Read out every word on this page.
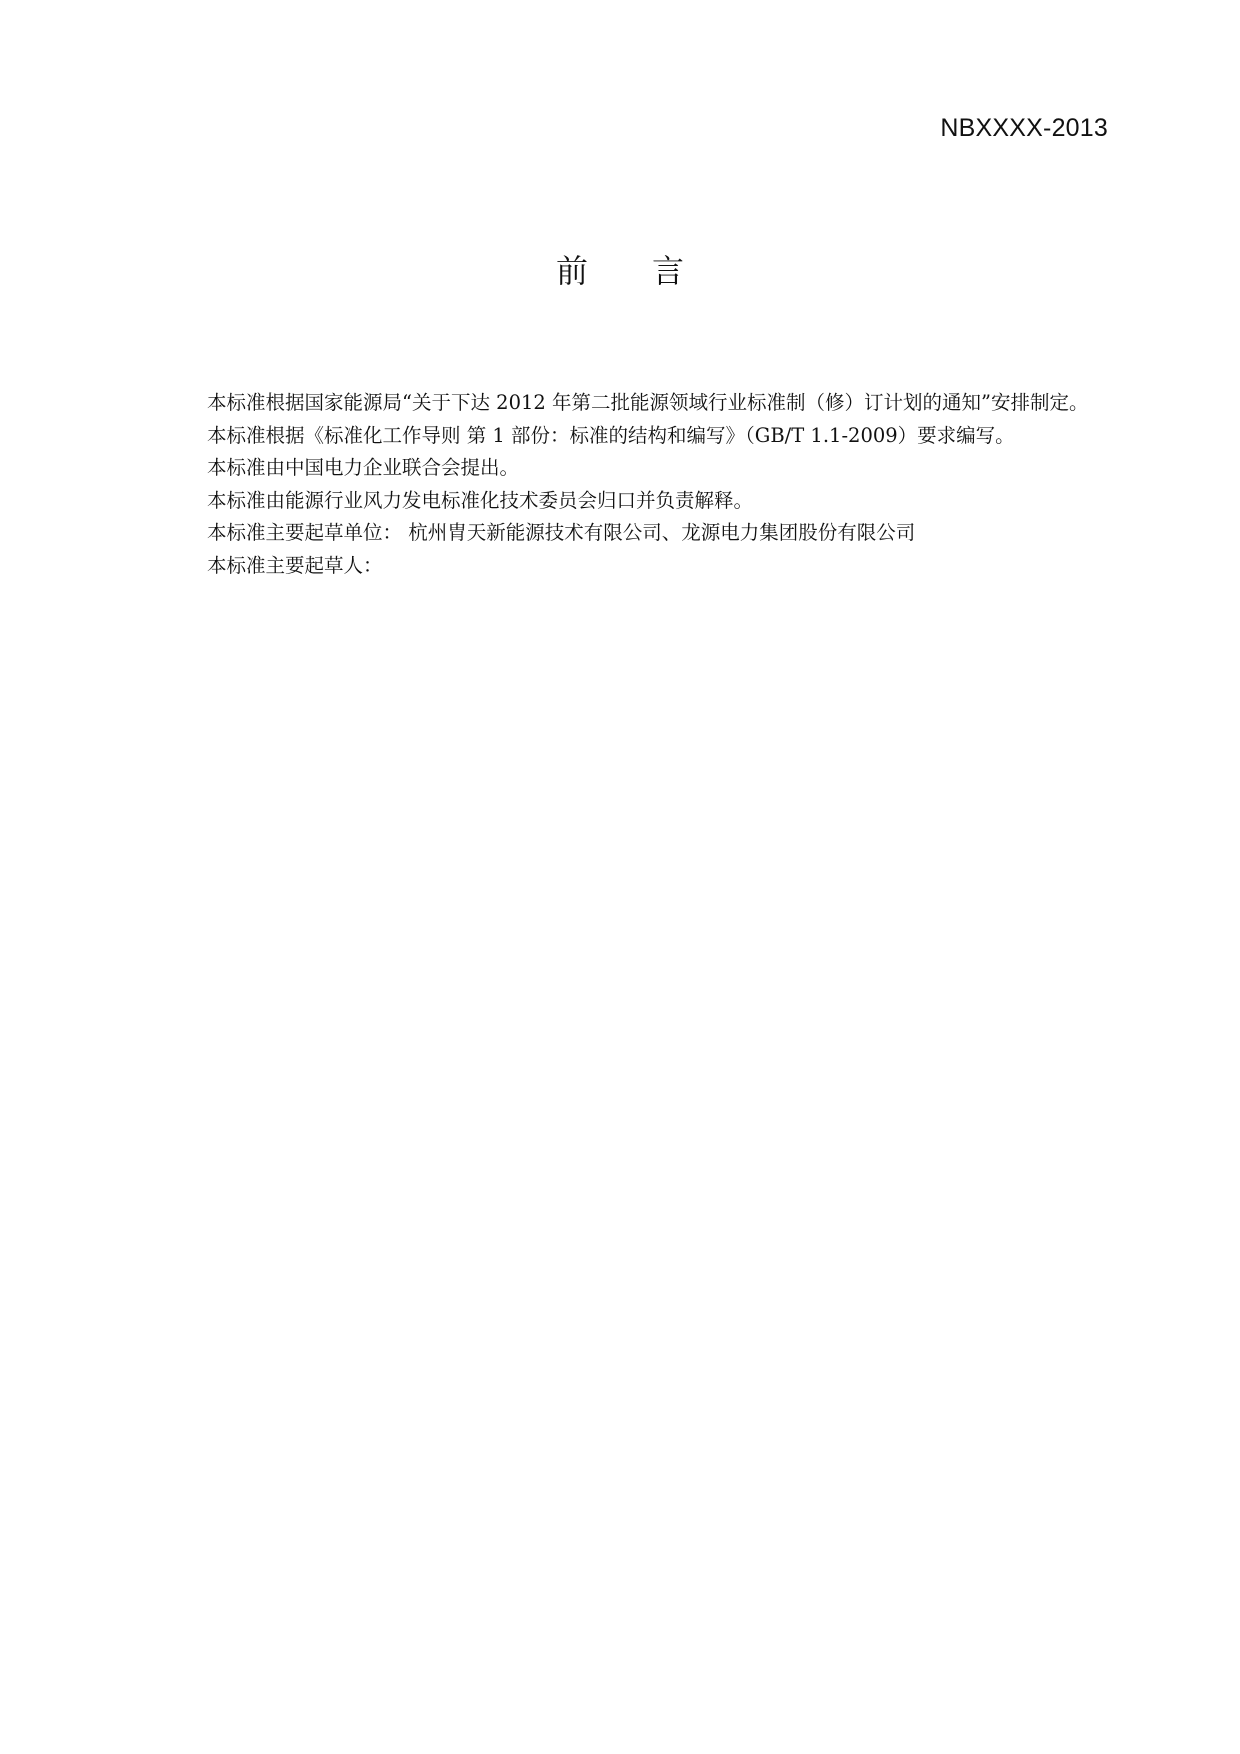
NBXXXX-2013
前 言

本标准根据国家能源局“关于下达 2012 年第二批能源领域行业标准制（修）订计划的通知”安排制定。

本标准根据《标准化工作导则 第 1 部份：标准的结构和编写》（GB/T 1.1-2009）要求编写。

本标准由中国电力企业联合会提出。

本标准由能源行业风力发电标准化技术委员会归口并负责解释。

本标准主要起草单位： 杭州胄天新能源技术有限公司、龙源电力集团股份有限公司

本标准主要起草人：
